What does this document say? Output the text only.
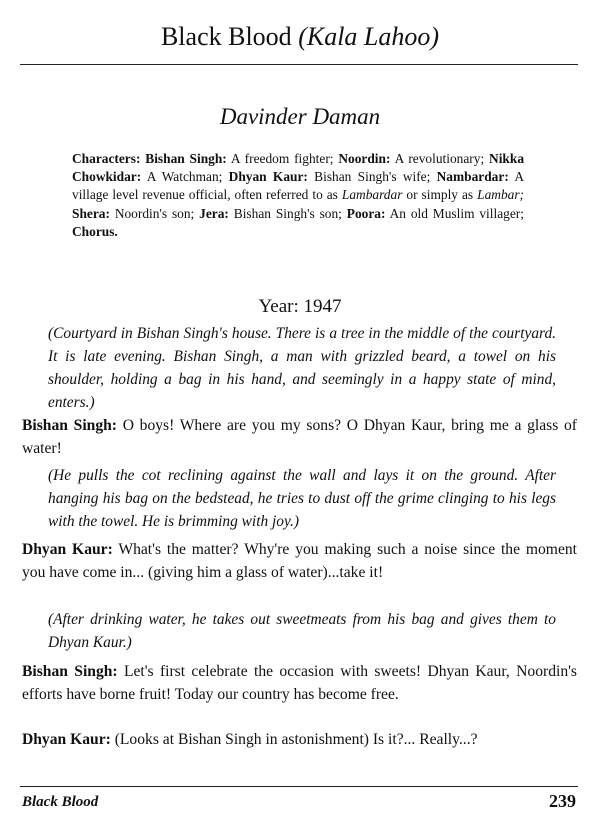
Black Blood (Kala Lahoo)
Davinder Daman
Characters: Bishan Singh: A freedom fighter; Noordin: A revolutionary; Nikka Chowkidar: A Watchman; Dhyan Kaur: Bishan Singh's wife; Nambardar: A village level revenue official, often referred to as Lambardar or simply as Lambar; Shera: Noordin's son; Jera: Bishan Singh's son; Poora: An old Muslim villager; Chorus.
Year: 1947
(Courtyard in Bishan Singh's house. There is a tree in the middle of the courtyard. It is late evening. Bishan Singh, a man with grizzled beard, a towel on his shoulder, holding a bag in his hand, and seemingly in a happy state of mind, enters.)
Bishan Singh: O boys! Where are you my sons? O Dhyan Kaur, bring me a glass of water!
(He pulls the cot reclining against the wall and lays it on the ground. After hanging his bag on the bedstead, he tries to dust off the grime clinging to his legs with the towel. He is brimming with joy.)
Dhyan Kaur: What's the matter? Why're you making such a noise since the moment you have come in... (giving him a glass of water)...take it!
(After drinking water, he takes out sweetmeats from his bag and gives them to Dhyan Kaur.)
Bishan Singh: Let's first celebrate the occasion with sweets! Dhyan Kaur, Noordin's efforts have borne fruit! Today our country has become free.
Dhyan Kaur: (Looks at Bishan Singh in astonishment) Is it?... Really...?
Black Blood	239
